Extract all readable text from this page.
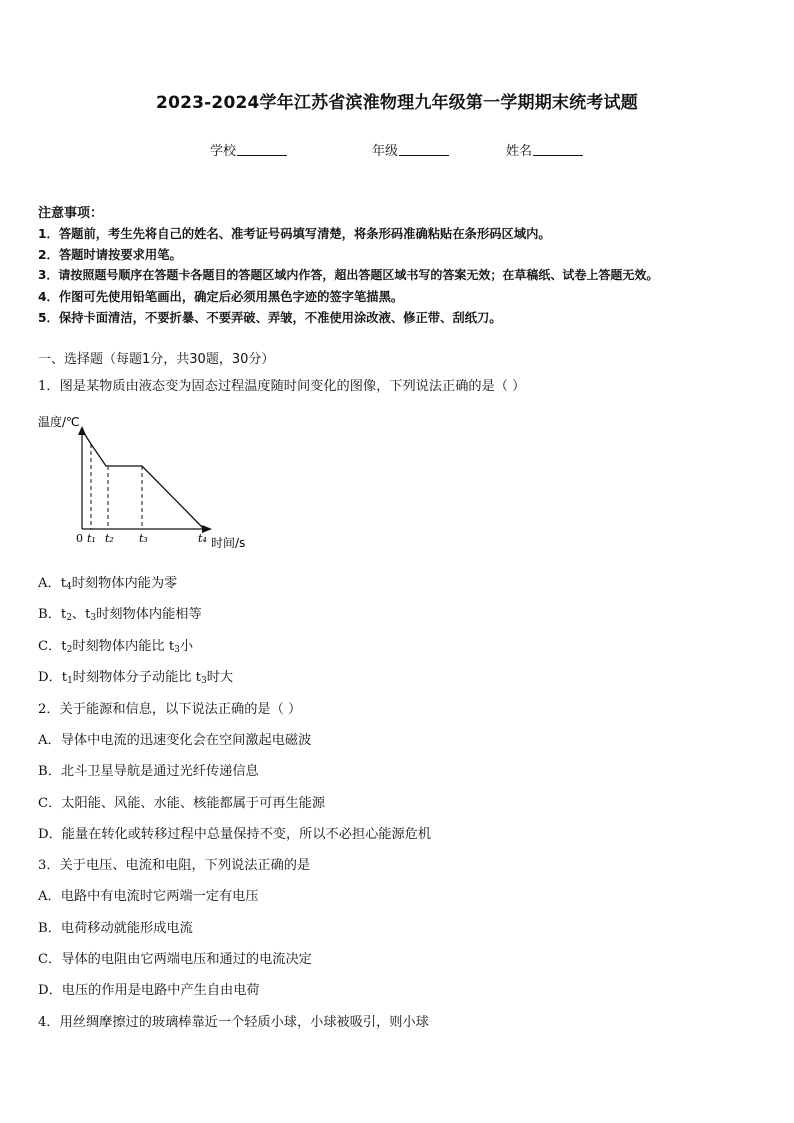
2023-2024学年江苏省滨淮物理九年级第一学期期末统考试题
学校	年级	姓名
注意事项：
1．答题前，考生先将自己的姓名、准考证号码填写清楚，将条形码准确粘贴在条形码区域内。
2．答题时请按要求用笔。
3．请按照题号顺序在答题卡各题目的答题区域内作答，超出答题区域书写的答案无效；在草稿纸、试卷上答题无效。
4．作图可先使用铅笔画出，确定后必须用黑色字迹的签字笔描黑。
5．保持卡面清洁，不要折暴、不要弄破、弄皱，不准使用涂改液、修正带、刮纸刀。
一、选择题（每题1分，共30题，30分）
1．图是某物质由液态变为固态过程温度随时间变化的图像，下列说法正确的是（ ）
温度/℃
0 t₁ t₂ t₃	t₄ 时间/s
A．$t_4$时刻物体内能为零
B．$t_2$、$t_3$时刻物体内能相等
C．$t_2$时刻物体内能比 $t_3$小
D．$t_1$时刻物体分子动能比 $t_3$时大
2．关于能源和信息，以下说法正确的是（ ）
A．导体中电流的迅速变化会在空间激起电磁波
B．北斗卫星导航是通过光纤传递信息
C．太阳能、风能、水能、核能都属于可再生能源
D．能量在转化或转移过程中总量保持不变，所以不必担心能源危机
3．关于电压、电流和电阻，下列说法正确的是
A．电路中有电流时它两端一定有电压
B．电荷移动就能形成电流
C．导体的电阻由它两端电压和通过的电流决定
D．电压的作用是电路中产生自由电荷
4．用丝绸摩擦过的玻璃棒靠近一个轻质小球，小球被吸引，则小球
